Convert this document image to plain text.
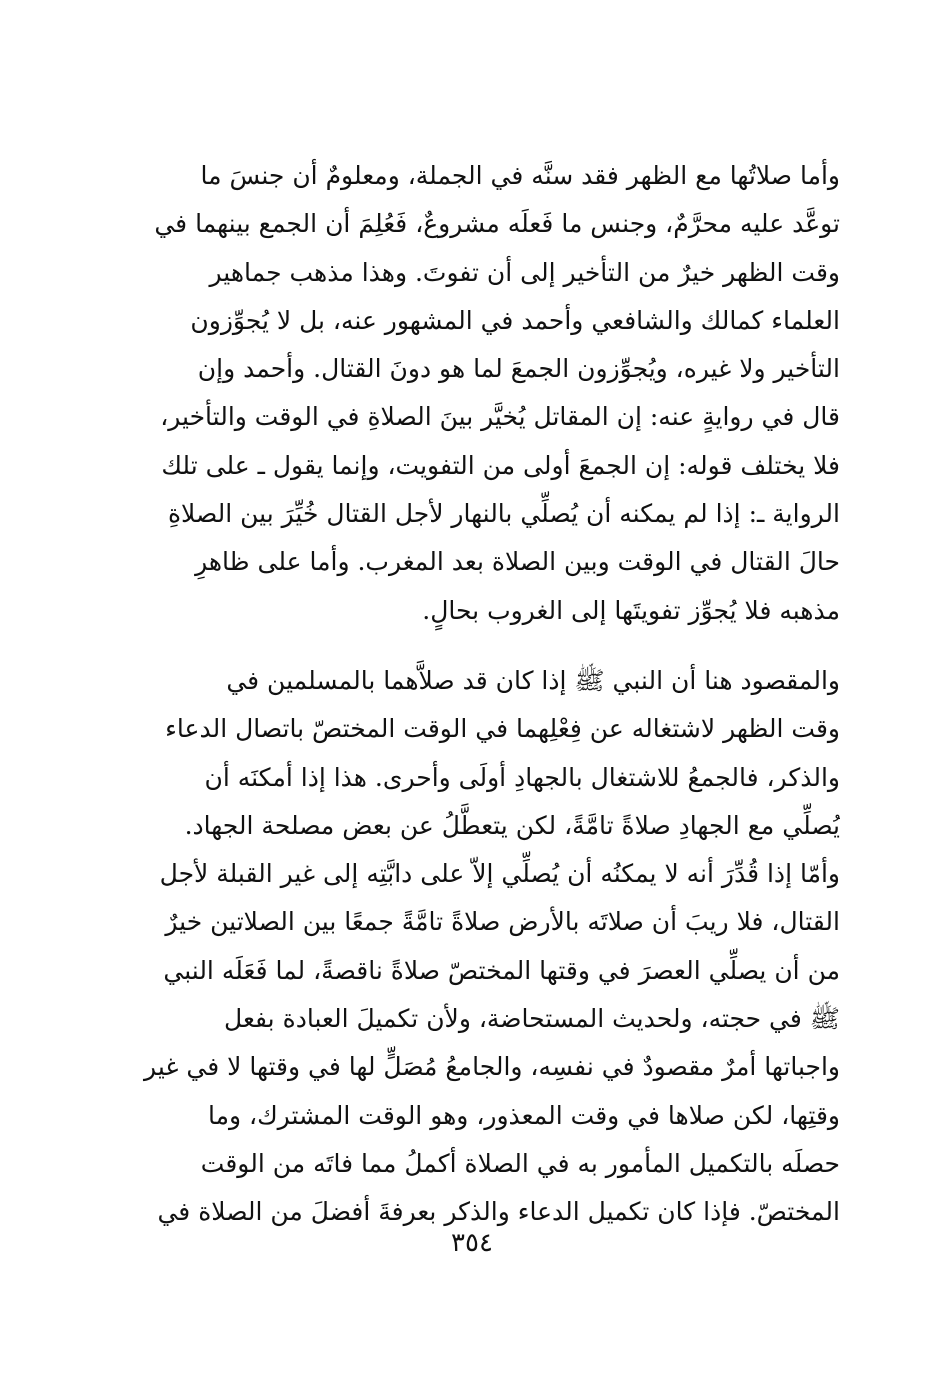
وأما صلاتُها مع الظهر فقد سنَّه في الجملة، ومعلومٌ أن جنسَ ما
توعَّد عليه محرَّمٌ، وجنس ما فَعلَه مشروعٌ، فَعُلِمَ أن الجمع بينهما في
وقت الظهر خيرٌ من التأخير إلى أن تفوتَ. وهذا مذهب جماهير
العلماء كمالك والشافعي وأحمد في المشهور عنه، بل لا يُجوِّزون
التأخير ولا غيره، ويُجوِّزون الجمعَ لما هو دونَ القتال. وأحمد وإن
قال في روايةٍ عنه: إن المقاتل يُخيَّر بينَ الصلاةِ في الوقت والتأخير،
فلا يختلف قوله: إن الجمعَ أولى من التفويت، وإنما يقول ـ على تلك
الرواية ـ: إذا لم يمكنه أن يُصلِّي بالنهار لأجل القتال خُيِّرَ بين الصلاةِ
حالَ القتال في الوقت وبين الصلاة بعد المغرب. وأما على ظاهرِ
مذهبه فلا يُجوِّز تفويتَها إلى الغروب بحالٍ.
والمقصود هنا أن النبي ﷺ إذا كان قد صلاَّهما بالمسلمين في
وقت الظهر لاشتغاله عن فِعْلِهما في الوقت المختصّ باتصال الدعاء
والذكر، فالجمعُ للاشتغال بالجهادِ أولَى وأحرى. هذا إذا أمكنَه أن
يُصلِّي مع الجهادِ صلاةً تامَّةً، لكن يتعطَّلُ عن بعض مصلحة الجهاد.
وأمّا إذا قُدِّرَ أنه لا يمكنُه أن يُصلِّي إلاّ على دابَّتِه إلى غير القبلة لأجل
القتال، فلا ريبَ أن صلاتَه بالأرض صلاةً تامَّةً جمعًا بين الصلاتين خيرٌ
من أن يصلِّي العصرَ في وقتها المختصّ صلاةً ناقصةً، لما فَعَلَه النبي
ﷺ في حجته، ولحديث المستحاضة، ولأن تكميلَ العبادة بفعل
واجباتها أمرٌ مقصودٌ في نفسِه، والجامعُ مُصَلٍّ لها في وقتها لا في غير
وقتِها، لكن صلاها في وقت المعذور، وهو الوقت المشترك، وما
حصلَه بالتكميل المأمور به في الصلاة أكملُ مما فاتَه من الوقت
المختصّ. فإذا كان تكميل الدعاء والذكر بعرفةَ أفضلَ من الصلاة في
٣٥٤
